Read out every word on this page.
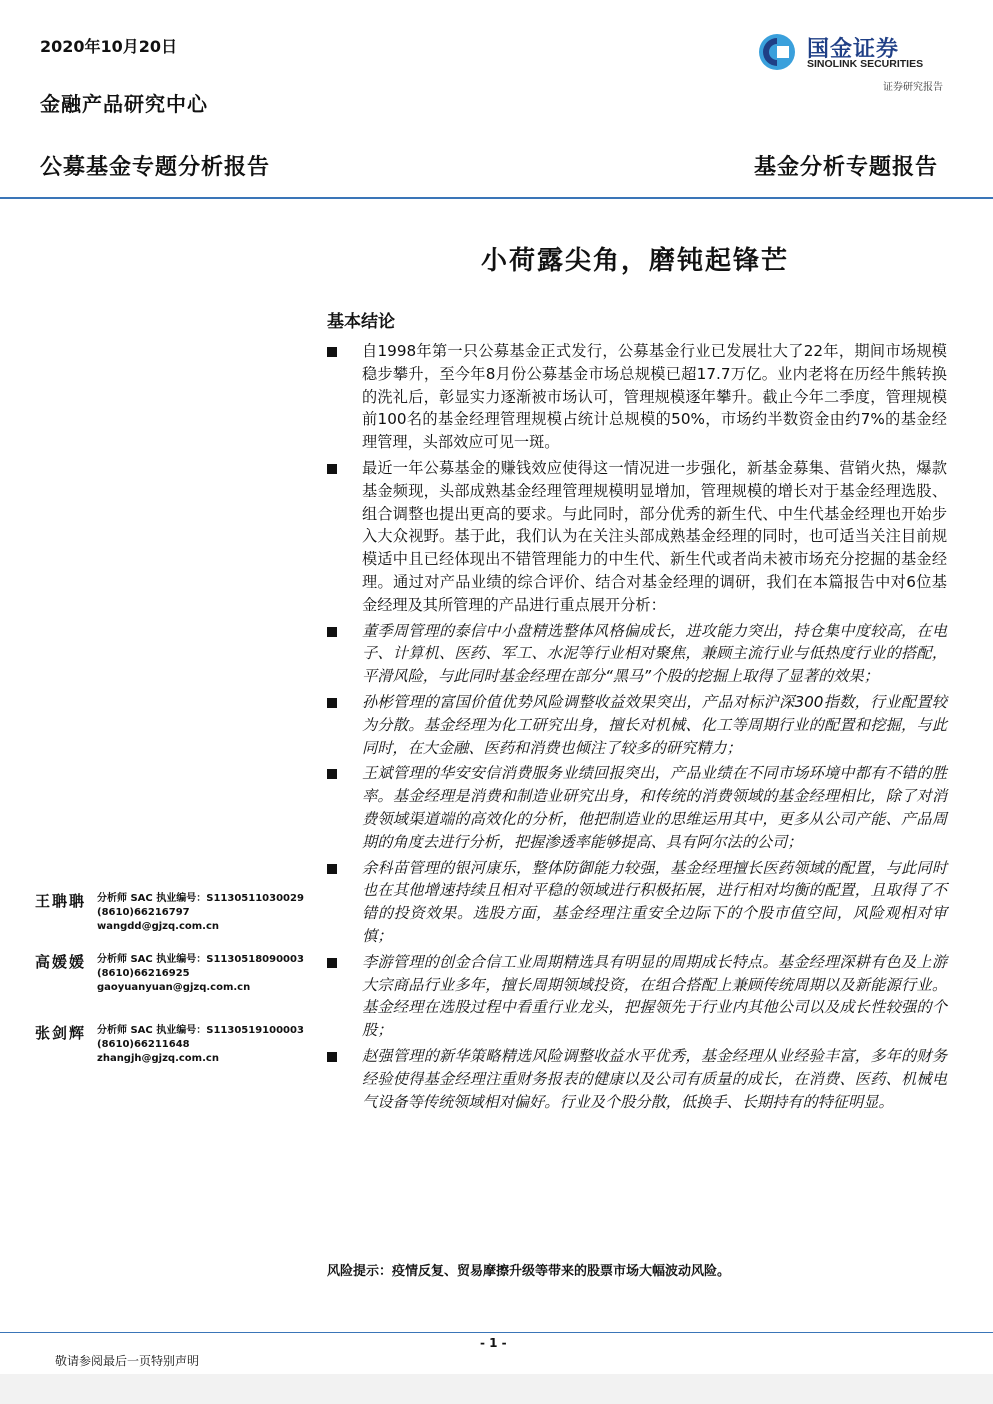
2020年10月20日
金融产品研究中心
公募基金专题分析报告	基金分析专题报告
国金证券
SINOLINK SECURITIES
证券研究报告
小荷露尖角，磨钝起锋芒
基本结论
自1998年第一只公募基金正式发行，公募基金行业已发展壮大了22年，期间市场规模稳步攀升，至今年8月份公募基金市场总规模已超17.7万亿。业内老将在历经牛熊转换的洗礼后，彰显实力逐渐被市场认可，管理规模逐年攀升。截止今年二季度，管理规模前100名的基金经理管理规模占统计总规模的50%，市场约半数资金由约7%的基金经理管理，头部效应可见一斑。
最近一年公募基金的赚钱效应使得这一情况进一步强化，新基金募集、营销火热，爆款基金频现，头部成熟基金经理管理规模明显增加，管理规模的增长对于基金经理选股、组合调整也提出更高的要求。与此同时，部分优秀的新生代、中生代基金经理也开始步入大众视野。基于此，我们认为在关注头部成熟基金经理的同时，也可适当关注目前规模适中且已经体现出不错管理能力的中生代、新生代或者尚未被市场充分挖掘的基金经理。通过对产品业绩的综合评价、结合对基金经理的调研，我们在本篇报告中对6位基金经理及其所管理的产品进行重点展开分析：
董季周管理的泰信中小盘精选整体风格偏成长，进攻能力突出，持仓集中度较高，在电子、计算机、医药、军工、水泥等行业相对聚焦，兼顾主流行业与低热度行业的搭配，平滑风险，与此同时基金经理在部分“黑马”个股的挖掘上取得了显著的效果；
孙彬管理的富国价值优势风险调整收益效果突出，产品对标沪深300指数，行业配置较为分散。基金经理为化工研究出身，擅长对机械、化工等周期行业的配置和挖掘，与此同时，在大金融、医药和消费也倾注了较多的研究精力；
王斌管理的华安安信消费服务业绩回报突出，产品业绩在不同市场环境中都有不错的胜率。基金经理是消费和制造业研究出身，和传统的消费领域的基金经理相比，除了对消费领域渠道端的高效化的分析，他把制造业的思维运用其中，更多从公司产能、产品周期的角度去进行分析，把握渗透率能够提高、具有阿尔法的公司；
余科苗管理的银河康乐，整体防御能力较强，基金经理擅长医药领域的配置，与此同时也在其他增速持续且相对平稳的领域进行积极拓展，进行相对均衡的配置，且取得了不错的投资效果。选股方面，基金经理注重安全边际下的个股市值空间，风险观相对审慎；
李游管理的创金合信工业周期精选具有明显的周期成长特点。基金经理深耕有色及上游大宗商品行业多年，擅长周期领域投资，在组合搭配上兼顾传统周期以及新能源行业。基金经理在选股过程中看重行业龙头，把握领先于行业内其他公司以及成长性较强的个股；
赵强管理的新华策略精选风险调整收益水平优秀，基金经理从业经验丰富，多年的财务经验使得基金经理注重财务报表的健康以及公司有质量的成长，在消费、医药、机械电气设备等传统领域相对偏好。行业及个股分散，低换手、长期持有的特征明显。
风险提示：疫情反复、贸易摩擦升级等带来的股票市场大幅波动风险。
王聃聃 分析师 SAC 执业编号：S1130511030029
(8610)66216797
wangdd@gjzq.com.cn
高媛媛 分析师 SAC 执业编号：S1130518090003
(8610)66216925
gaoyuanyuan@gjzq.com.cn
张剑辉 分析师 SAC 执业编号：S1130519100003
(8610)66211648
zhangjh@gjzq.com.cn
- 1 -
敬请参阅最后一页特别声明
